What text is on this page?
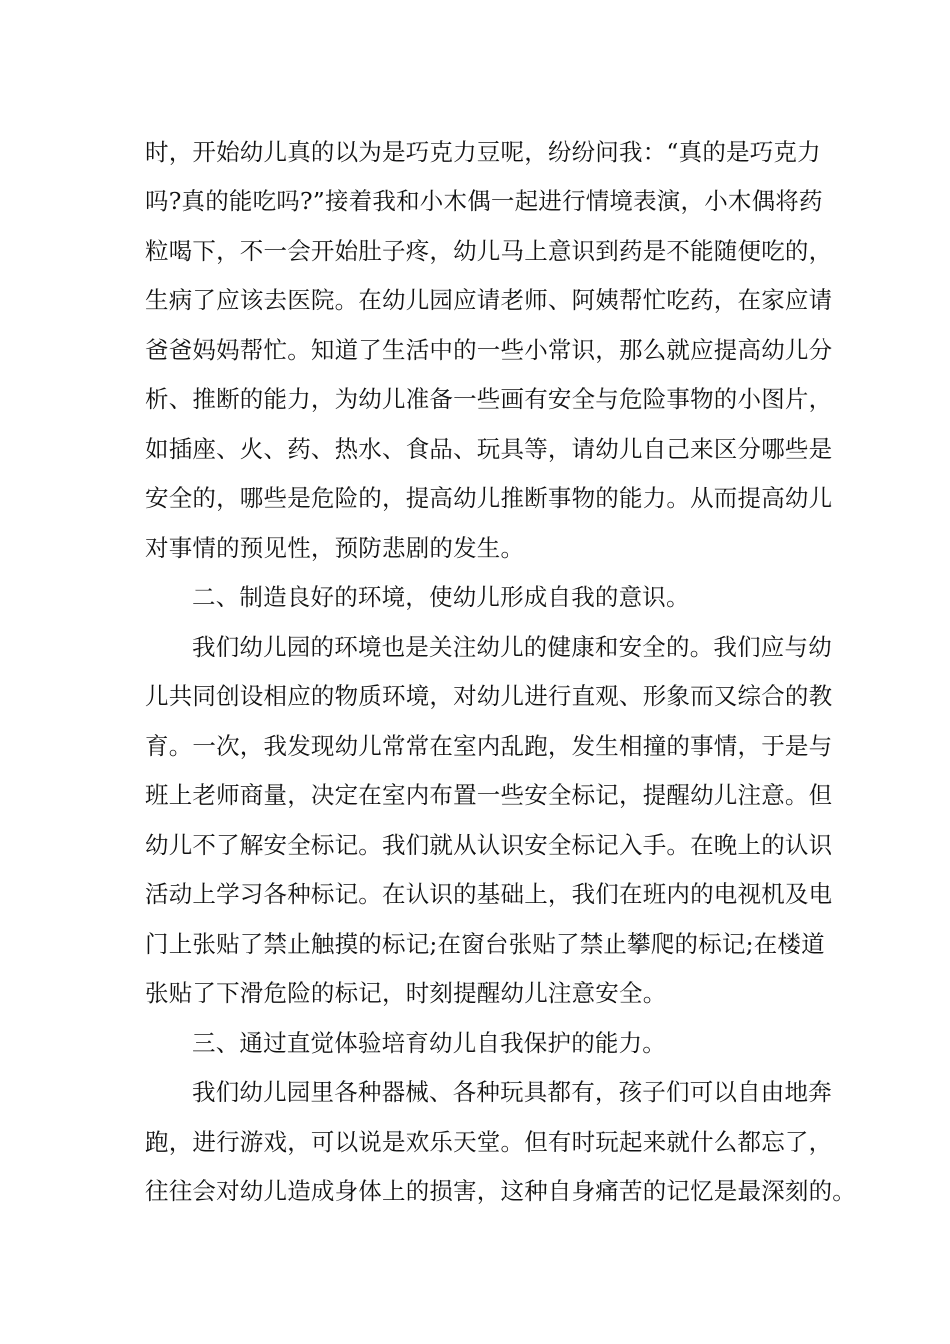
时，开始幼儿真的以为是巧克力豆呢，纷纷问我：“真的是巧克力
吗?真的能吃吗?”接着我和小木偶一起进行情境表演，小木偶将药
粒喝下，不一会开始肚子疼，幼儿马上意识到药是不能随便吃的，
生病了应该去医院。在幼儿园应请老师、阿姨帮忙吃药，在家应请
爸爸妈妈帮忙。知道了生活中的一些小常识，那么就应提高幼儿分
析、推断的能力，为幼儿准备一些画有安全与危险事物的小图片，
如插座、火、药、热水、食品、玩具等，请幼儿自己来区分哪些是
安全的，哪些是危险的，提高幼儿推断事物的能力。从而提高幼儿
对事情的预见性，预防悲剧的发生。
二、制造良好的环境，使幼儿形成自我的意识。
我们幼儿园的环境也是关注幼儿的健康和安全的。我们应与幼
儿共同创设相应的物质环境，对幼儿进行直观、形象而又综合的教
育。一次，我发现幼儿常常在室内乱跑，发生相撞的事情，于是与
班上老师商量，决定在室内布置一些安全标记，提醒幼儿注意。但
幼儿不了解安全标记。我们就从认识安全标记入手。在晚上的认识
活动上学习各种标记。在认识的基础上，我们在班内的电视机及电
门上张贴了禁止触摸的标记;在窗台张贴了禁止攀爬的标记;在楼道
张贴了下滑危险的标记，时刻提醒幼儿注意安全。
三、通过直觉体验培育幼儿自我保护的能力。
我们幼儿园里各种器械、各种玩具都有，孩子们可以自由地奔
跑，进行游戏，可以说是欢乐天堂。但有时玩起来就什么都忘了，
往往会对幼儿造成身体上的损害，这种自身痛苦的记忆是最深刻的。
